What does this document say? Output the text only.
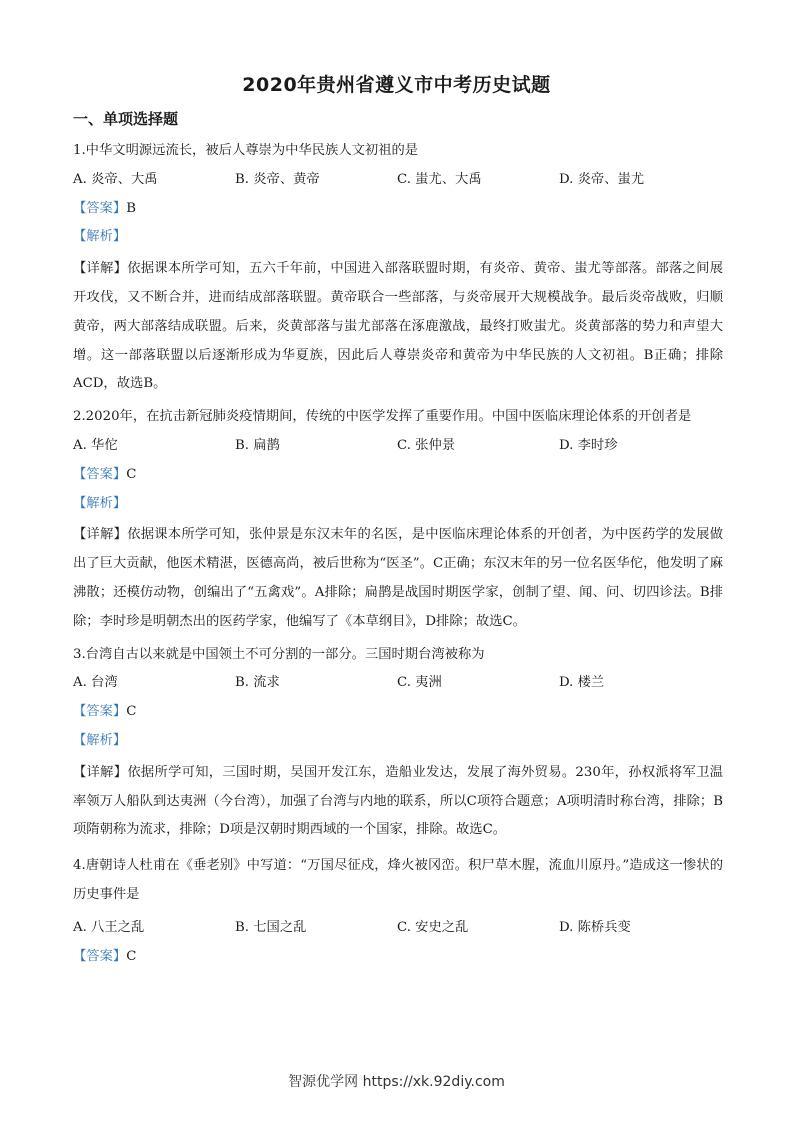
2020年贵州省遵义市中考历史试题
一、单项选择题
1.中华文明源远流长，被后人尊崇为中华民族人文初祖的是
A. 炎帝、大禹	B. 炎帝、黄帝	C. 蚩尤、大禹	D. 炎帝、蚩尤
【答案】B
【解析】
【详解】依据课本所学可知，五六千年前，中国进入部落联盟时期，有炎帝、黄帝、蚩尤等部落。部落之间展开攻伐，又不断合并，进而结成部落联盟。黄帝联合一些部落，与炎帝展开大规模战争。最后炎帝战败，归顺黄帝，两大部落结成联盟。后来，炎黄部落与蚩尤部落在涿鹿激战，最终打败蚩尤。炎黄部落的势力和声望大增。这一部落联盟以后逐渐形成为华夏族，因此后人尊崇炎帝和黄帝为中华民族的人文初祖。B正确；排除ACD，故选B。
2.2020年，在抗击新冠肺炎疫情期间，传统的中医学发挥了重要作用。中国中医临床理论体系的开创者是
A. 华佗	B. 扁鹊	C. 张仲景	D. 李时珍
【答案】C
【解析】
【详解】依据课本所学可知，张仲景是东汉末年的名医，是中医临床理论体系的开创者，为中医药学的发展做出了巨大贡献，他医术精湛，医德高尚，被后世称为“医圣”。C正确；东汉末年的另一位名医华佗，他发明了麻沸散；还模仿动物，创编出了“五禽戏”。A排除；扁鹊是战国时期医学家，创制了望、闻、问、切四诊法。B排除；李时珍是明朝杰出的医药学家，他编写了《本草纲目》，D排除；故选C。
3.台湾自古以来就是中国领土不可分割的一部分。三国时期台湾被称为
A. 台湾	B. 流求	C. 夷洲	D. 楼兰
【答案】C
【解析】
【详解】依据所学可知，三国时期，吴国开发江东，造船业发达，发展了海外贸易。230年，孙权派将军卫温率领万人船队到达夷洲（今台湾），加强了台湾与内地的联系，所以C项符合题意；A项明清时称台湾，排除；B项隋朝称为流求，排除；D项是汉朝时期西域的一个国家，排除。故选C。
4.唐朝诗人杜甫在《垂老别》中写道：“万国尽征戍，烽火被冈峦。积尸草木腥，流血川原丹。”造成这一惨状的历史事件是
A. 八王之乱	B. 七国之乱	C. 安史之乱	D. 陈桥兵变
【答案】C
智源优学网 https://xk.92diy.com
